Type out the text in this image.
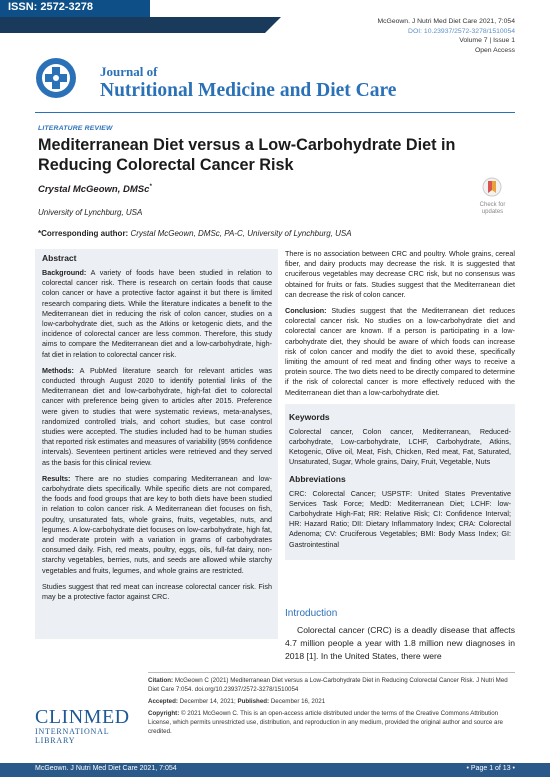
ISSN: 2572-3278
McGeown. J Nutri Med Diet Care 2021, 7:054
DOI: 10.23937/2572-3278/1510054
Volume 7 | Issue 1
Open Access
Journal of
Nutritional Medicine and Diet Care
LITERATURE REVIEW
Mediterranean Diet versus a Low-Carbohydrate Diet in Reducing Colorectal Cancer Risk
Crystal McGeown, DMSc*
University of Lynchburg, USA
*Corresponding author: Crystal McGeown, DMSc, PA-C, University of Lynchburg, USA
Check for updates
Abstract

Background: A variety of foods have been studied in relation to colorectal cancer risk. There is research on certain foods that cause colon cancer or have a protective factor against it but there is limited research comparing diets. While the literature indicates a benefit to the Mediterranean diet in reducing the risk of colon cancer, studies on a low-carbohydrate diet, such as the Atkins or ketogenic diets, and the incidence of colorectal cancer are less common. Therefore, this study aims to compare the Mediterranean diet and a low-carbohydrate, high-fat diet in relation to colorectal cancer risk.

Methods: A PubMed literature search for relevant articles was conducted through August 2020 to identify potential links of the Mediterranean diet and low-carbohydrate, high-fat diet to colorectal cancer with preference being given to articles after 2015. Preference were given to studies that were systematic reviews, meta-analyses, randomized controlled trials, and cohort studies, but case control studies were accepted. The studies included had to be human studies that reported risk estimates and measures of variability (95% confidence intervals). Seventeen pertinent articles were retrieved and they served as the basis for this clinical review.

Results: There are no studies comparing Mediterranean and low-carbohydrate diets specifically. While specific diets are not compared, the foods and food groups that are key to both diets have been studied in relation to colon cancer risk. A Mediterranean diet focuses on fish, poultry, unsaturated fats, whole grains, fruits, vegetables, nuts, and legumes. A low-carbohydrate diet focuses on low-carbohydrate, high fat, and moderate protein with a variation in grams of carbohydrates consumed daily. Fish, red meats, poultry, eggs, oils, full-fat dairy, non-starchy vegetables, berries, nuts, and seeds are allowed while starchy vegetables and fruits, legumes, and whole grains are restricted.

Studies suggest that red meat can increase colorectal cancer risk. Fish may be a protective factor against CRC.

There is no association between CRC and poultry. Whole grains, cereal fiber, and dairy products may decrease the risk. It is suggested that cruciferous vegetables may decrease CRC risk, but no consensus was obtained for fruits or fats. Studies suggest that the Mediterranean diet can decrease the risk of colon cancer.

Conclusion: Studies suggest that the Mediterranean diet reduces colorectal cancer risk. No studies on a low-carbohydrate diet and colorectal cancer are known. If a person is participating in a low-carbohydrate diet, they should be aware of which foods can increase risk of colon cancer and modify the diet to avoid these, specifically limiting the amount of red meat and finding other ways to receive a protein source. The two diets need to be directly compared to determine if the risk of colorectal cancer is more effectively reduced with the Mediterranean diet than a low-carbohydrate diet.

Keywords

Colorectal cancer, Colon cancer, Mediterranean, Reduced-carbohydrate, Low-carbohydrate, LCHF, Carbohydrate, Atkins, Ketogenic, Olive oil, Meat, Fish, Chicken, Red meat, Fat, Saturated, Unsaturated, Sugar, Whole grains, Dairy, Fruit, Vegetable, Nuts

Abbreviations

CRC: Colorectal Cancer; USPSTF: United States Preventative Services Task Force; MedD: Mediterranean Diet; LCHF: low-Carbohydrate High-Fat; RR: Relative Risk; CI: Confidence Interval; HR: Hazard Ratio; DII: Dietary Inflammatory Index; CRA: Colorectal Adenoma; CV: Cruciferous Vegetables; BMI: Body Mass Index; GI: Gastrointestinal

Introduction

Colorectal cancer (CRC) is a deadly disease that affects 4.7 million people a year with 1.8 million new diagnoses in 2018 [1]. In the United States, there were

Citation: McGeown C (2021) Mediterranean Diet versus a Low-Carbohydrate Diet in Reducing Colorectal Cancer Risk. J Nutri Med Diet Care 7:054. doi.org/10.23937/2572-3278/1510054
Accepted: December 14, 2021; Published: December 16, 2021
Copyright: © 2021 McGeown C. This is an open-access article distributed under the terms of the Creative Commons Attribution License, which permits unrestricted use, distribution, and reproduction in any medium, provided the original author and source are credited.
CLINMED
INTERNATIONAL LIBRARY
McGeown. J Nutri Med Diet Care 2021, 7:054	• Page 1 of 13 •
